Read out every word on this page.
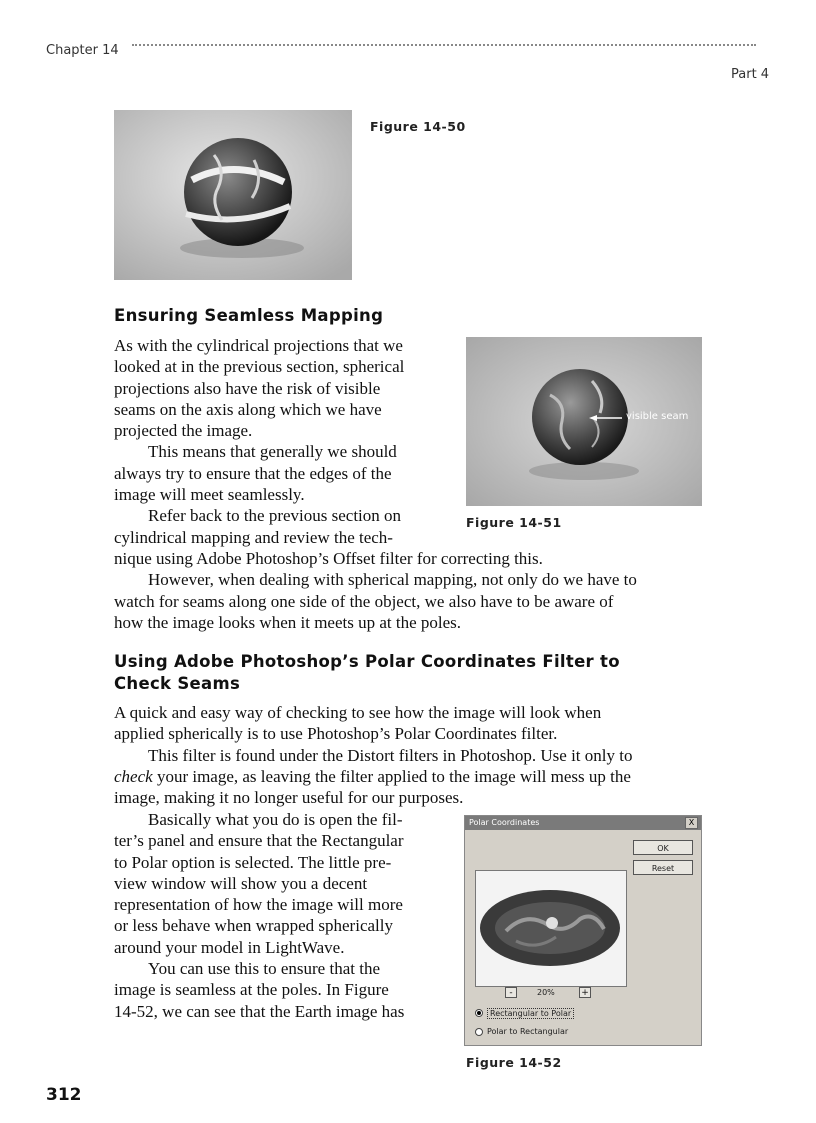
Chapter 14
Part 4
Figure 14-50
Ensuring Seamless Mapping

As with the cylindrical projections that we

looked at in the previous section, spherical

projections also have the risk of visible

seams on the axis along which we have

projected the image.

This means that generally we should

always try to ensure that the edges of the

image will meet seamlessly.

Refer back to the previous section on

cylindrical mapping and review the tech-

nique using Adobe Photoshop’s Offset filter for correcting this.

However, when dealing with spherical mapping, not only do we have to

watch for seams along one side of the object, we also have to be aware of

how the image looks when it meets up at the poles.

visible seam
Figure 14-51
Using Adobe Photoshop’s Polar Coordinates Filter to
Check Seams

A quick and easy way of checking to see how the image will look when

applied spherically is to use Photoshop’s Polar Coordinates filter.

This filter is found under the Distort filters in Photoshop. Use it only to

check your image, as leaving the filter applied to the image will mess up the

image, making it no longer useful for our purposes.

Basically what you do is open the fil-

ter’s panel and ensure that the Rectangular

to Polar option is selected. The little pre-

view window will show you a decent

representation of how the image will more

or less behave when wrapped spherically

around your model in LightWave.

You can use this to ensure that the

image is seamless at the poles. In Figure

14-52, we can see that the Earth image has

Polar Coordinates	X
OK
Reset
-	20%	+
Rectangular to Polar
Polar to Rectangular
Figure 14-52
312
